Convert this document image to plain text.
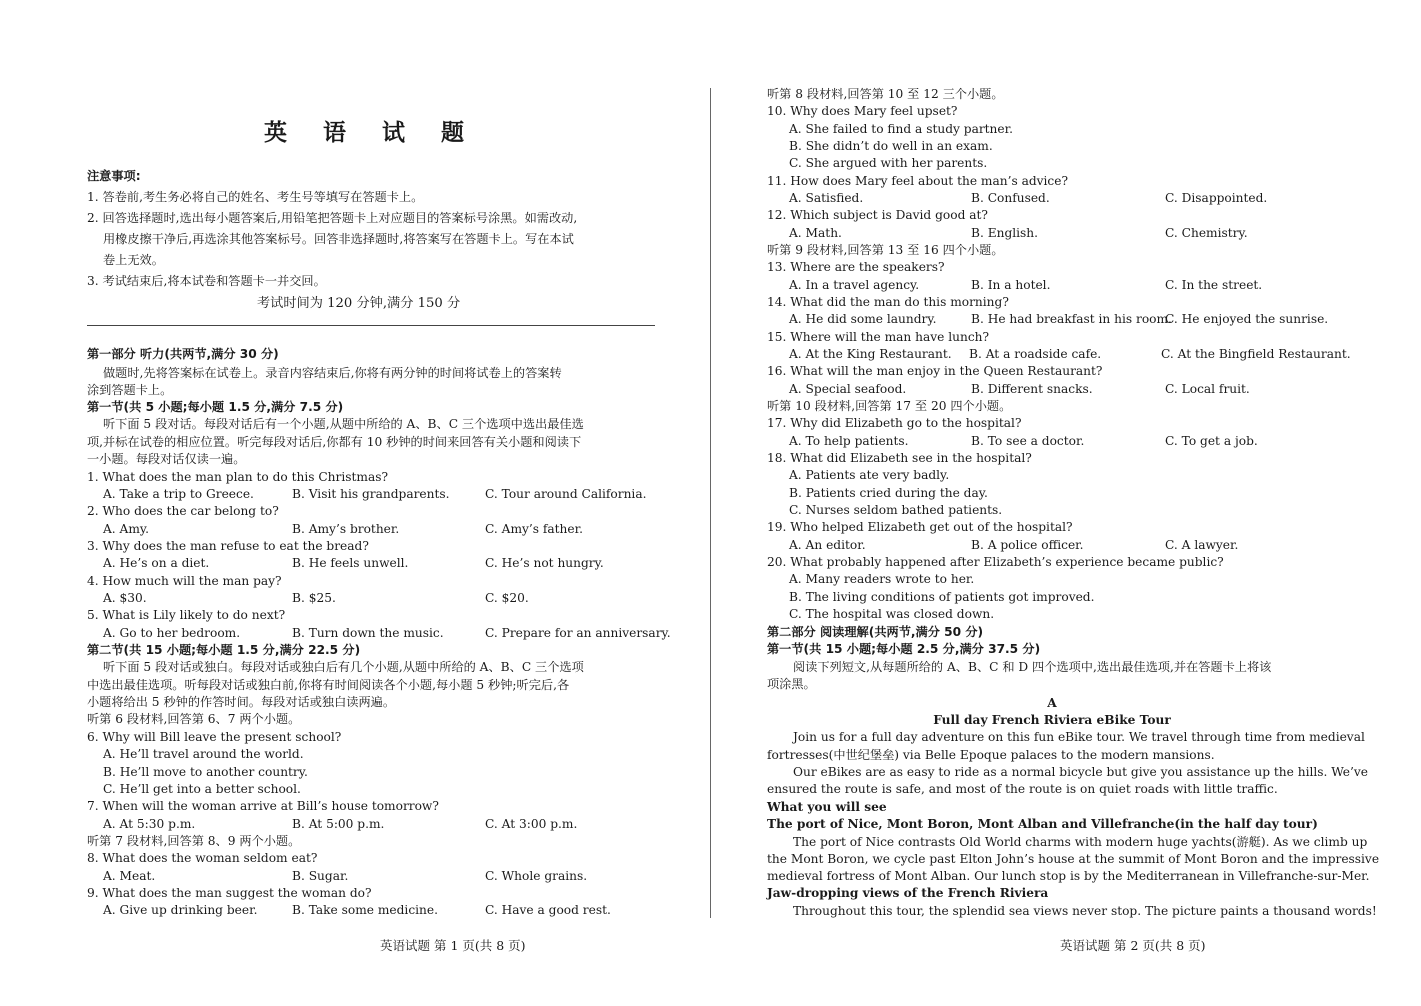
英 语 试 题
注意事项:
1. 答卷前,考生务必将自己的姓名、考生号等填写在答题卡上。
2. 回答选择题时,选出每小题答案后,用铅笔把答题卡上对应题目的答案标号涂黑。如需改动,
用橡皮擦干净后,再选涂其他答案标号。回答非选择题时,将答案写在答题卡上。写在本试
卷上无效。
3. 考试结束后,将本试卷和答题卡一并交回。
考试时间为 120 分钟,满分 150 分
第一部分 听力(共两节,满分 30 分)
做题时,先将答案标在试卷上。录音内容结束后,你将有两分钟的时间将试卷上的答案转
涂到答题卡上。
第一节(共 5 小题;每小题 1.5 分,满分 7.5 分)
听下面 5 段对话。每段对话后有一个小题,从题中所给的 A、B、C 三个选项中选出最佳选
项,并标在试卷的相应位置。听完每段对话后,你都有 10 秒钟的时间来回答有关小题和阅读下
一小题。每段对话仅读一遍。
1. What does the man plan to do this Christmas?
A. Take a trip to Greece.	B. Visit his grandparents.	C. Tour around California.
2. Who does the car belong to?
A. Amy.	B. Amy’s brother.	C. Amy’s father.
3. Why does the man refuse to eat the bread?
A. He’s on a diet.	B. He feels unwell.	C. He’s not hungry.
4. How much will the man pay?
A. $30.	B. $25.	C. $20.
5. What is Lily likely to do next?
A. Go to her bedroom.	B. Turn down the music.	C. Prepare for an anniversary.
第二节(共 15 小题;每小题 1.5 分,满分 22.5 分)
听下面 5 段对话或独白。每段对话或独白后有几个小题,从题中所给的 A、B、C 三个选项
中选出最佳选项。听每段对话或独白前,你将有时间阅读各个小题,每小题 5 秒钟;听完后,各
小题将给出 5 秒钟的作答时间。每段对话或独白读两遍。
听第 6 段材料,回答第 6、7 两个小题。
6. Why will Bill leave the present school?
A. He’ll travel around the world.
B. He’ll move to another country.
C. He’ll get into a better school.
7. When will the woman arrive at Bill’s house tomorrow?
A. At 5:30 p.m.	B. At 5:00 p.m.	C. At 3:00 p.m.
听第 7 段材料,回答第 8、9 两个小题。
8. What does the woman seldom eat?
A. Meat.	B. Sugar.	C. Whole grains.
9. What does the man suggest the woman do?
A. Give up drinking beer.	B. Take some medicine.	C. Have a good rest.
英语试题 第 1 页(共 8 页)
听第 8 段材料,回答第 10 至 12 三个小题。
10. Why does Mary feel upset?
A. She failed to find a study partner.
B. She didn’t do well in an exam.
C. She argued with her parents.
11. How does Mary feel about the man’s advice?
A. Satisfied.	B. Confused.	C. Disappointed.
12. Which subject is David good at?
A. Math.	B. English.	C. Chemistry.
听第 9 段材料,回答第 13 至 16 四个小题。
13. Where are the speakers?
A. In a travel agency.	B. In a hotel.	C. In the street.
14. What did the man do this morning?
A. He did some laundry.	B. He had breakfast in his room.
C. He enjoyed the sunrise.
15. Where will the man have lunch?
A. At the King Restaurant. B. At a roadside cafe.	C. At the Bingfield Restaurant.
16. What will the man enjoy in the Queen Restaurant?
A. Special seafood.	B. Different snacks.	C. Local fruit.
听第 10 段材料,回答第 17 至 20 四个小题。
17. Why did Elizabeth go to the hospital?
A. To help patients.	B. To see a doctor.	C. To get a job.
18. What did Elizabeth see in the hospital?
A. Patients ate very badly.
B. Patients cried during the day.
C. Nurses seldom bathed patients.
19. Who helped Elizabeth get out of the hospital?
A. An editor.	B. A police officer.	C. A lawyer.
20. What probably happened after Elizabeth’s experience became public?
A. Many readers wrote to her.
B. The living conditions of patients got improved.
C. The hospital was closed down.
第二部分 阅读理解(共两节,满分 50 分)
第一节(共 15 小题;每小题 2.5 分,满分 37.5 分)
阅读下列短文,从每题所给的 A、B、C 和 D 四个选项中,选出最佳选项,并在答题卡上将该
项涂黑。
A
Full day French Riviera eBike Tour
Join us for a full day adventure on this fun eBike tour. We travel through time from medieval
fortresses(中世纪堡垒) via Belle Epoque palaces to the modern mansions.
Our eBikes are as easy to ride as a normal bicycle but give you assistance up the hills. We’ve
ensured the route is safe, and most of the route is on quiet roads with little traffic.
What you will see
The port of Nice, Mont Boron, Mont Alban and Villefranche(in the half day tour)
The port of Nice contrasts Old World charms with modern huge yachts(游艇). As we climb up
the Mont Boron, we cycle past Elton John’s house at the summit of Mont Boron and the impressive
medieval fortress of Mont Alban. Our lunch stop is by the Mediterranean in Villefranche-sur-Mer.
Jaw-dropping views of the French Riviera
Throughout this tour, the splendid sea views never stop. The picture paints a thousand words!
英语试题 第 2 页(共 8 页)
